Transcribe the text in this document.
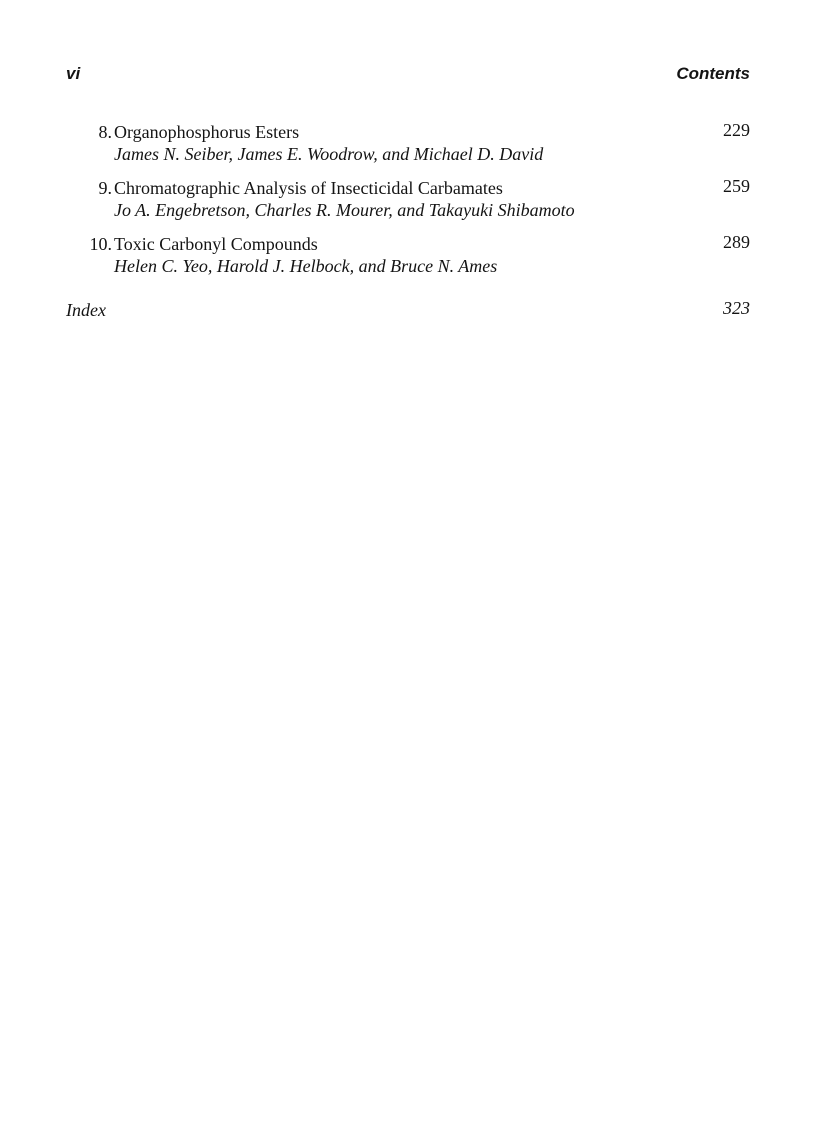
vi	Contents
8. Organophosphorus Esters
James N. Seiber, James E. Woodrow, and Michael D. David
229
9. Chromatographic Analysis of Insecticidal Carbamates
Jo A. Engebretson, Charles R. Mourer, and Takayuki Shibamoto
259
10. Toxic Carbonyl Compounds
Helen C. Yeo, Harold J. Helbock, and Bruce N. Ames
289
Index	323
